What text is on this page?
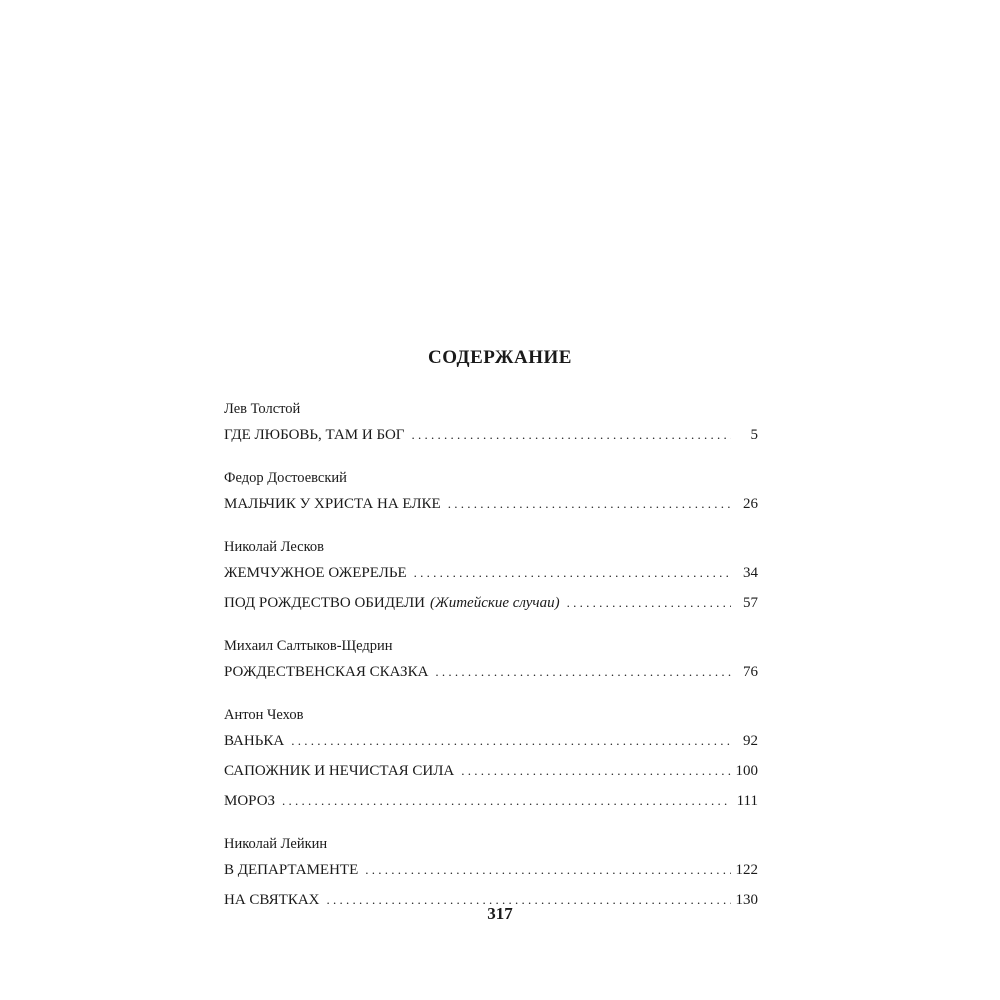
СОДЕРЖАНИЕ
Лев Толстой
ГДЕ ЛЮБОВЬ, ТАМ И БОГ . . .	5
Федор Достоевский
МАЛЬЧИК У ХРИСТА НА ЕЛКЕ . . .	26
Николай Лесков
ЖЕМЧУЖНОЕ ОЖЕРЕЛЬЕ . . .	34
ПОД РОЖДЕСТВО ОБИДЕЛИ (Житейские случаи) . . .	57
Михаил Салтыков-Щедрин
РОЖДЕСТВЕНСКАЯ СКАЗКА . . .	76
Антон Чехов
ВАНЬКА . . .	92
САПОЖНИК И НЕЧИСТАЯ СИЛА . . .	100
МОРОЗ . . .	111
Николай Лейкин
В ДЕПАРТАМЕНТЕ . . .	122
НА СВЯТКАХ . . .	130
317
